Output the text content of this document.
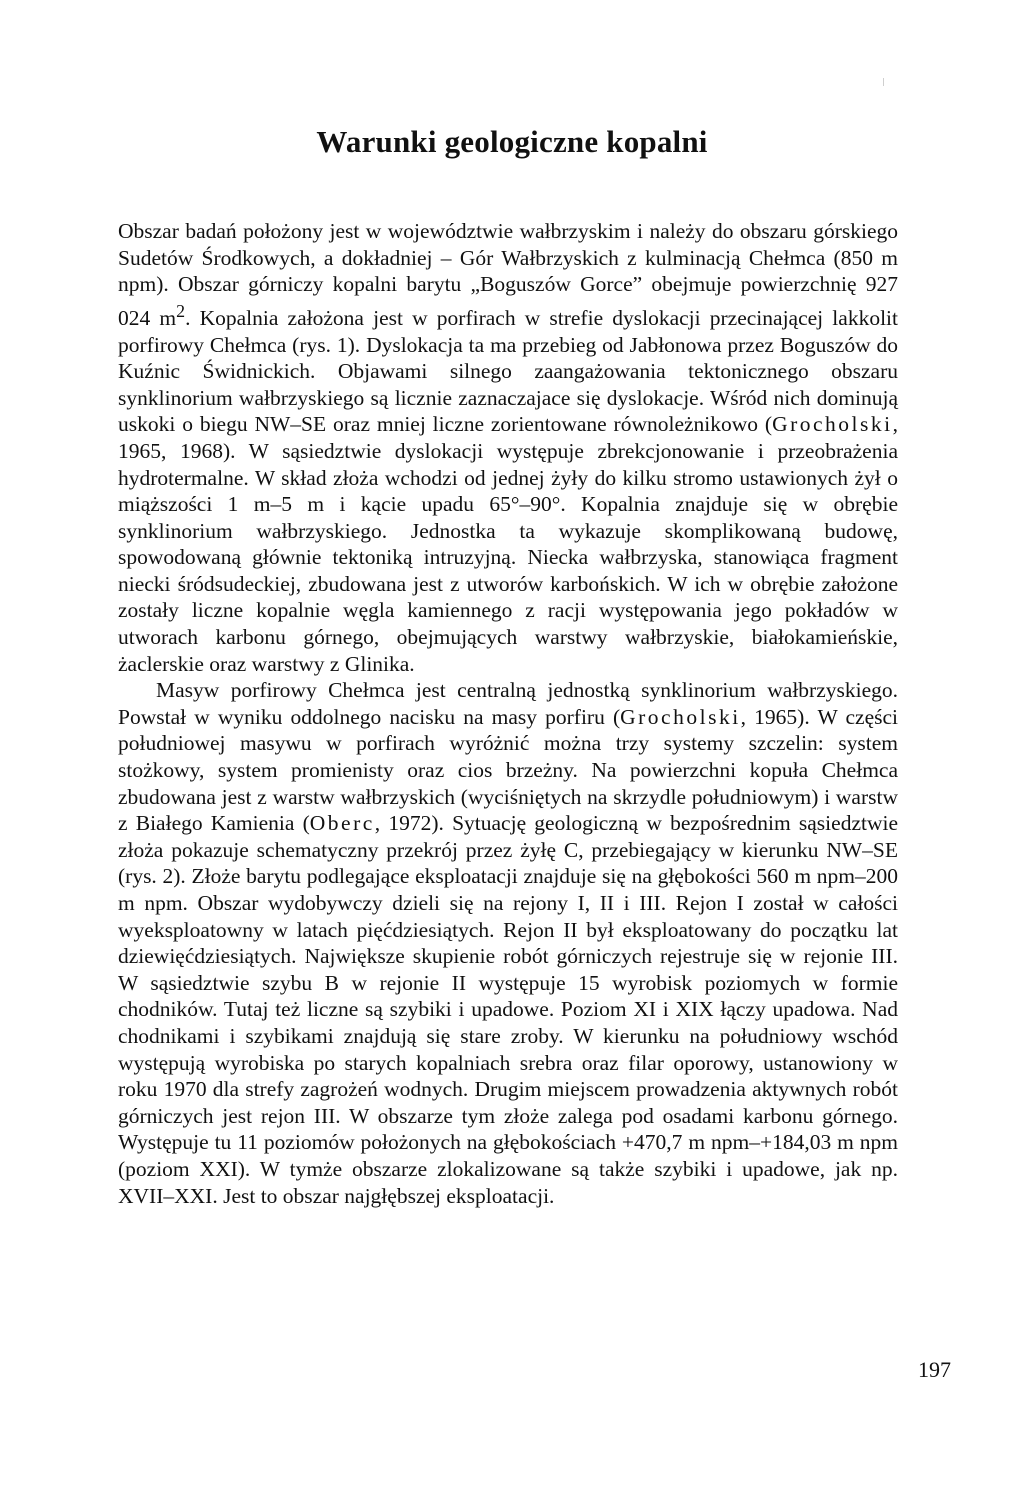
Warunki geologiczne kopalni

Obszar badań położony jest w województwie wałbrzyskim i należy do obszaru górskiego Sudetów Środkowych, a dokładniej – Gór Wałbrzyskich z kulminacją Chełmca (850 m npm). Obszar górniczy kopalni barytu „Boguszów Gorce” obejmuje powierzchnię 927 024 $m^2$. Kopalnia założona jest w porfirach w strefie dyslokacji przecinającej lakkolit porfirowy Chełmca (rys. 1). Dyslokacja ta ma przebieg od Jabłonowa przez Boguszów do Kuźnic Świdnickich. Objawami silnego zaangażowania tektonicznego obszaru synklinorium wałbrzyskiego są licznie zaznaczajace się dyslokacje. Wśród nich dominują uskoki o biegu NW–SE oraz mniej liczne zorientowane równoleżnikowo (Grocholski, 1965, 1968). W sąsiedztwie dyslokacji występuje zbrekcjonowanie i przeobrażenia hydrotermalne. W skład złoża wchodzi od jednej żyły do kilku stromo ustawionych żył o miąższości 1 m–5 m i kącie upadu 65°–90°. Kopalnia znajduje się w obrębie synklinorium wałbrzyskiego. Jednostka ta wykazuje skomplikowaną budowę, spowodowaną głównie tektoniką intruzyjną. Niecka wałbrzyska, stanowiąca fragment niecki śródsudeckiej, zbudowana jest z utworów karbońskich. W ich w obrębie założone zostały liczne kopalnie węgla kamiennego z racji występowania jego pokładów w utworach karbonu górnego, obejmujących warstwy wałbrzyskie, białokamieńskie, żaclerskie oraz warstwy z Glinika.

Masyw porfirowy Chełmca jest centralną jednostką synklinorium wałbrzyskiego. Powstał w wyniku oddolnego nacisku na masy porfiru (Grocholski, 1965). W części południowej masywu w porfirach wyróżnić można trzy systemy szczelin: system stożkowy, system promienisty oraz cios brzeżny. Na powierzchni kopuła Chełmca zbudowana jest z warstw wałbrzyskich (wyciśniętych na skrzydle południowym) i warstw z Białego Kamienia (Oberc, 1972). Sytuację geologiczną w bezpośrednim sąsiedztwie złoża pokazuje schematyczny przekrój przez żyłę C, przebiegający w kierunku NW–SE (rys. 2). Złoże barytu podlegające eksploatacji znajduje się na głębokości 560 m npm–200 m npm. Obszar wydobywczy dzieli się na rejony I, II i III. Rejon I został w całości wyeksploatowny w latach pięćdziesiątych. Rejon II był eksploatowany do początku lat dziewięćdziesiątych. Największe skupienie robót górniczych rejestruje się w rejonie III. W sąsiedztwie szybu B w rejonie II występuje 15 wyrobisk poziomych w formie chodników. Tutaj też liczne są szybiki i upadowe. Poziom XI i XIX łączy upadowa. Nad chodnikami i szybikami znajdują się stare zroby. W kierunku na południowy wschód występują wyrobiska po starych kopalniach srebra oraz filar oporowy, ustanowiony w roku 1970 dla strefy zagrożeń wodnych. Drugim miejscem prowadzenia aktywnych robót górniczych jest rejon III. W obszarze tym złoże zalega pod osadami karbonu górnego. Występuje tu 11 poziomów położonych na głębokościach +470,7 m npm–+184,03 m npm (poziom XXI). W tymże obszarze zlokalizowane są także szybiki i upadowe, jak np. XVII–XXI. Jest to obszar najgłębszej eksploatacji.

197
